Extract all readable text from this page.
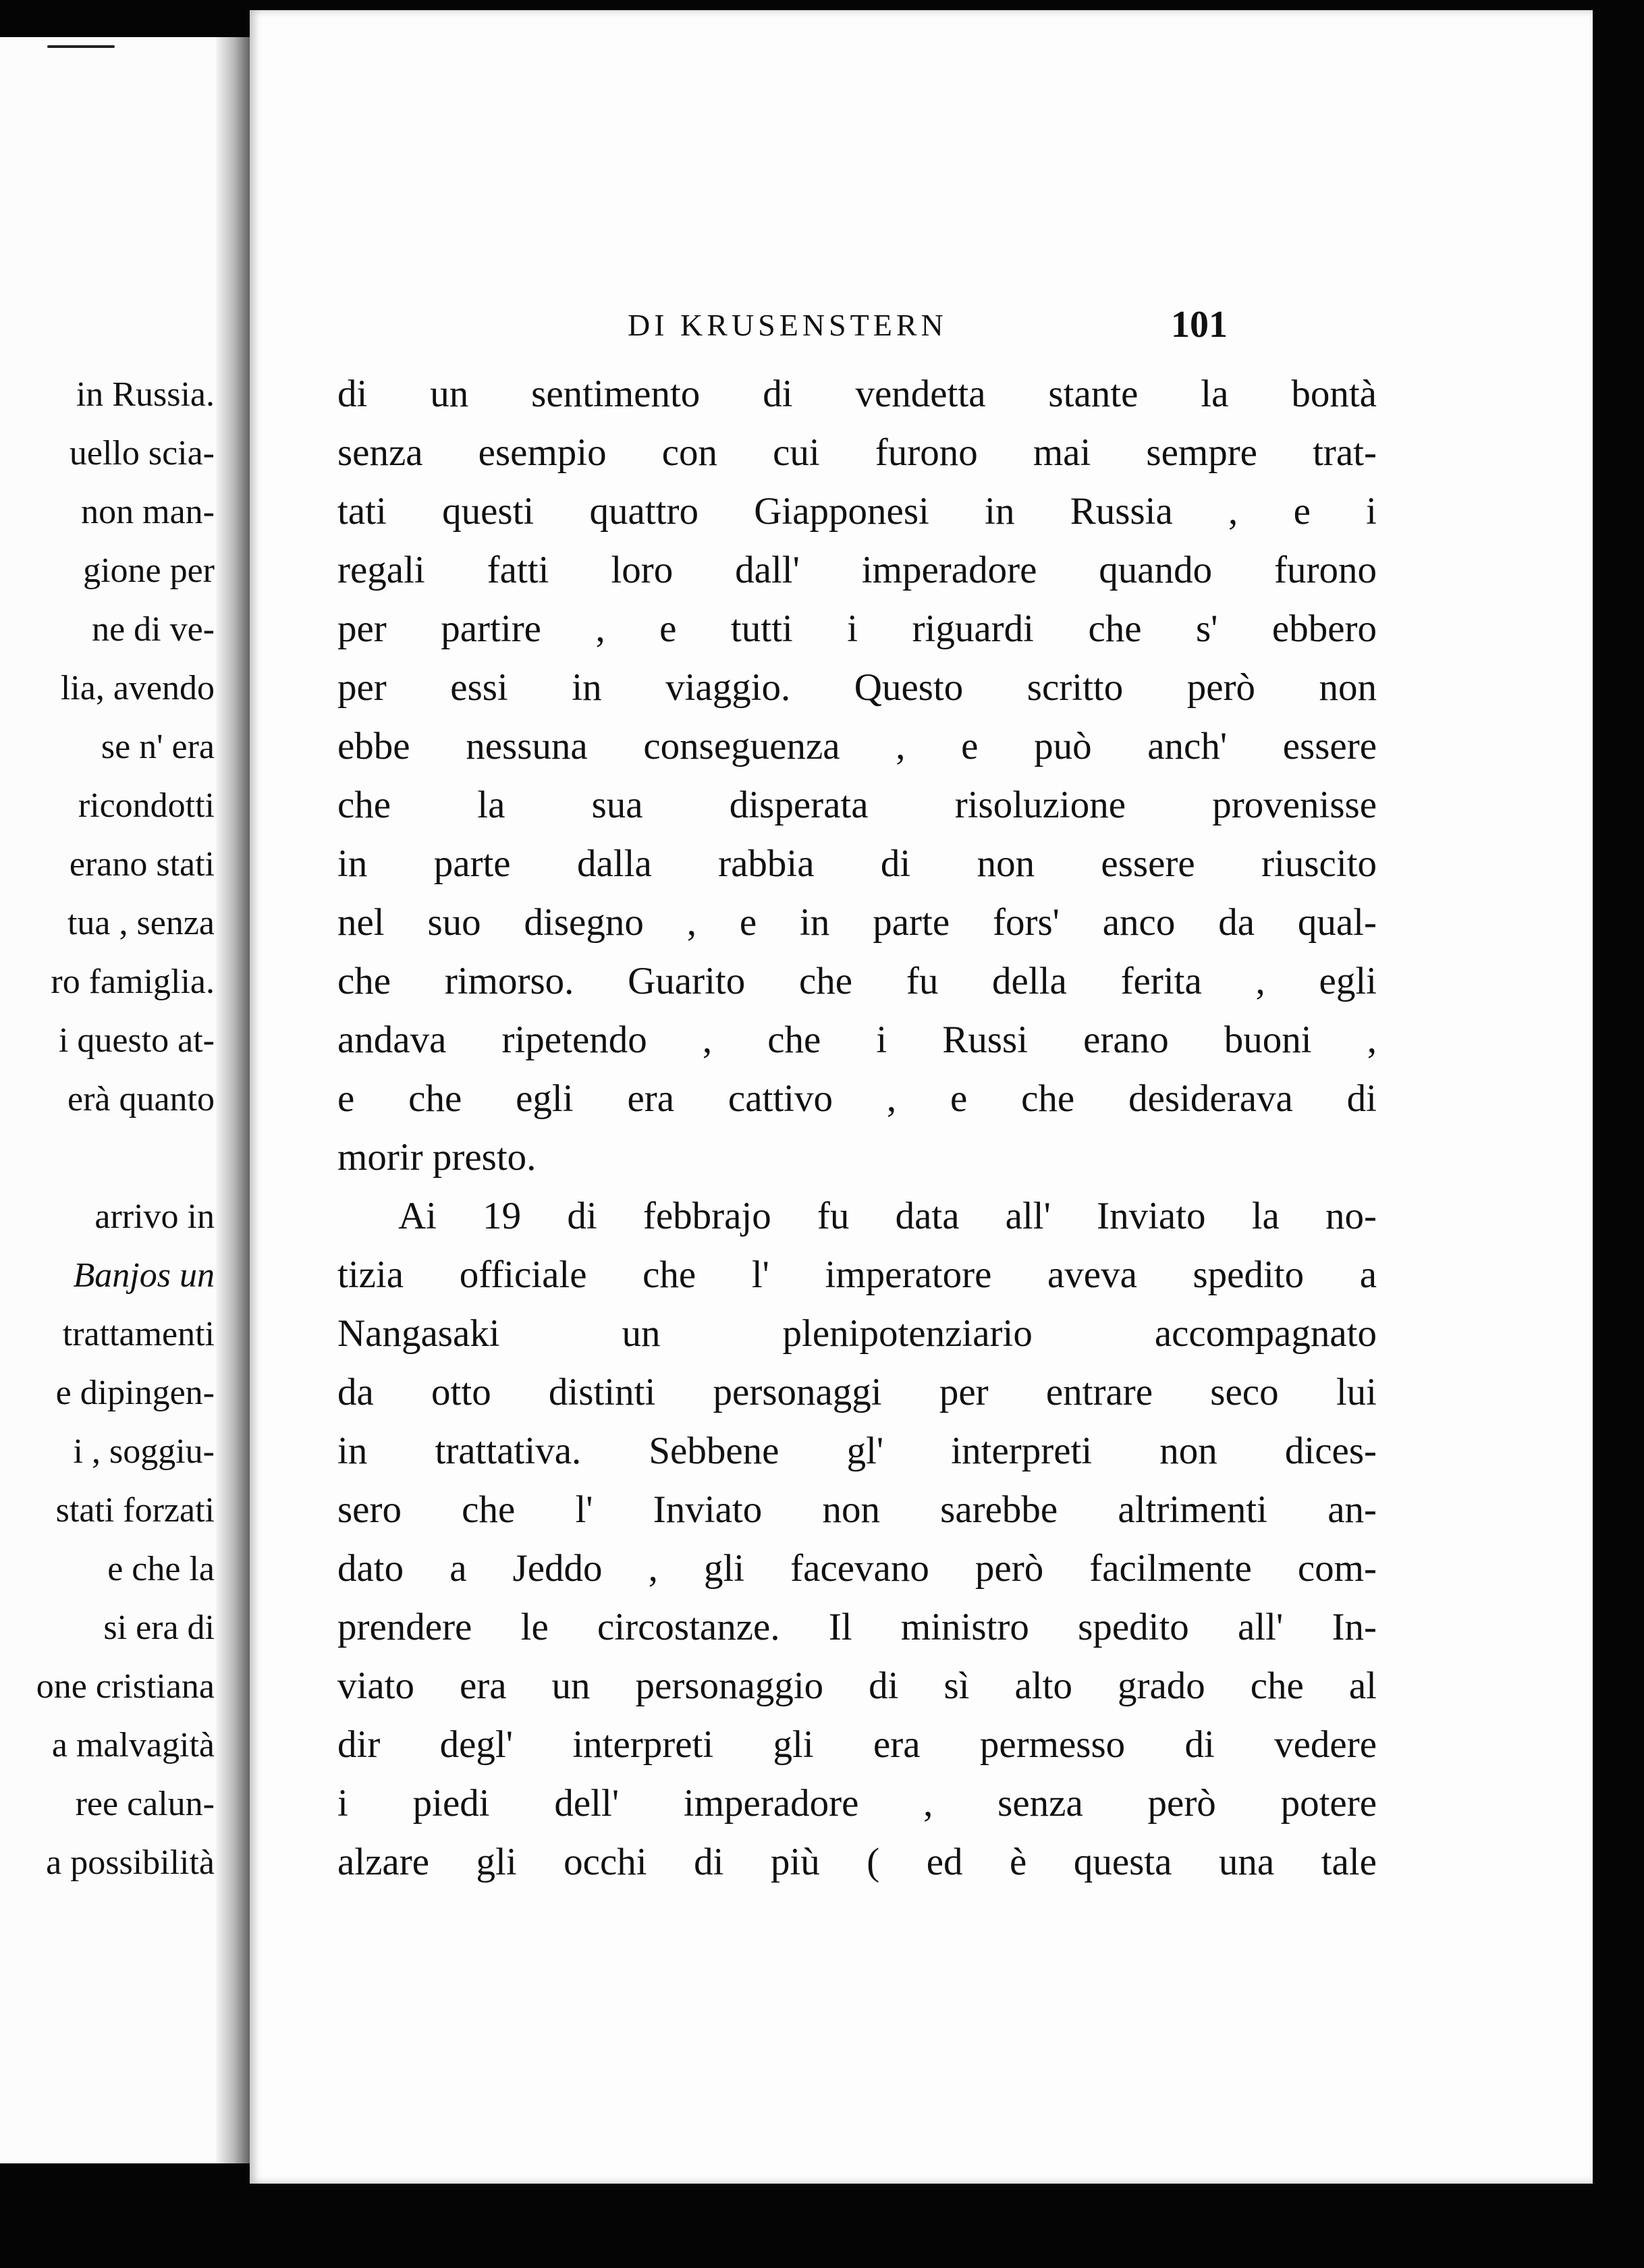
in Russia.
uello scia-
non man-
gione per
ne di ve-
lia, avendo
se n' era
ricondotti
erano stati
tua , senza
ro famiglia.
i questo at-
erà quanto
arrivo in
Banjos un
trattamenti
e dipingen-
i , soggiu-
stati forzati
e che la
si era di
one cristiana
a malvagità
ree calun-
a possibilità
DI KRUSENSTERN	101
di un sentimento di vendetta stante la bontà
senza esempio con cui furono mai sempre trat-
tati questi quattro Giapponesi in Russia , e i
regali fatti loro dall' imperadore quando furono
per partire , e tutti i riguardi che s' ebbero
per essi in viaggio. Questo scritto però non
ebbe nessuna conseguenza , e può anch' essere
che la sua disperata risoluzione provenisse
in parte dalla rabbia di non essere riuscito
nel suo disegno , e in parte fors' anco da qual-
che rimorso. Guarito che fu della ferita , egli
andava ripetendo , che i Russi erano buoni ,
e che egli era cattivo , e che desiderava di
morir presto.
Ai 19 di febbrajo fu data all' Inviato la no-
tizia officiale che l' imperatore aveva spedito a
Nangasaki un plenipotenziario accompagnato
da otto distinti personaggi per entrare seco lui
in trattativa. Sebbene gl' interpreti non dices-
sero che l' Inviato non sarebbe altrimenti an-
dato a Jeddo , gli facevano però facilmente com-
prendere le circostanze. Il ministro spedito all' In-
viato era un personaggio di sì alto grado che al
dir degl' interpreti gli era permesso di vedere
i piedi dell' imperadore , senza però potere
alzare gli occhi di più ( ed è questa una tale
